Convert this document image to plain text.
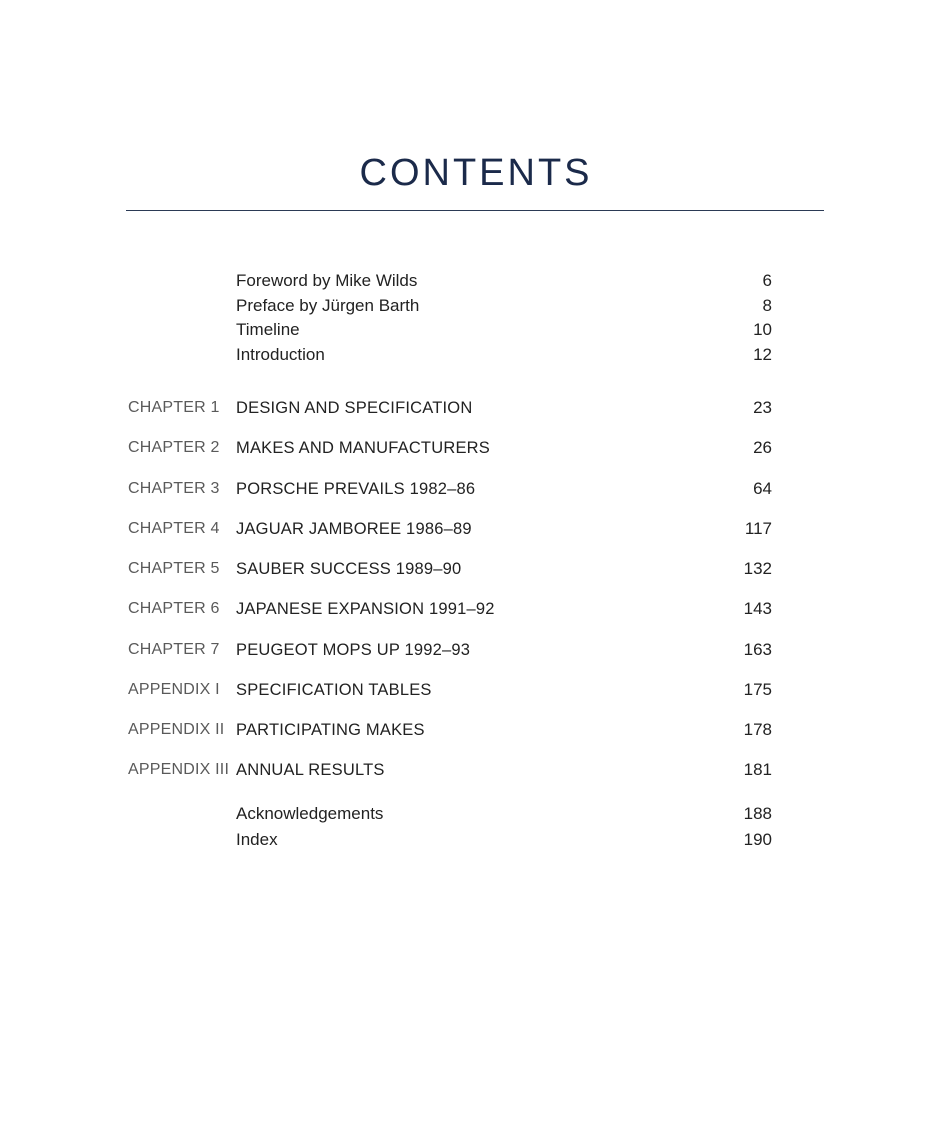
CONTENTS
Foreword by Mike Wilds	6
Preface by Jürgen Barth	8
Timeline	10
Introduction	12
CHAPTER 1 DESIGN AND SPECIFICATION	23
CHAPTER 2 MAKES AND MANUFACTURERS	26
CHAPTER 3 PORSCHE PREVAILS 1982–86	64
CHAPTER 4 JAGUAR JAMBOREE 1986–89	117
CHAPTER 5 SAUBER SUCCESS 1989–90	132
CHAPTER 6 JAPANESE EXPANSION 1991–92	143
CHAPTER 7 PEUGEOT MOPS UP 1992–93	163
APPENDIX I SPECIFICATION TABLES	175
APPENDIX II PARTICIPATING MAKES	178
APPENDIX III ANNUAL RESULTS	181
Acknowledgements	188
Index	190
